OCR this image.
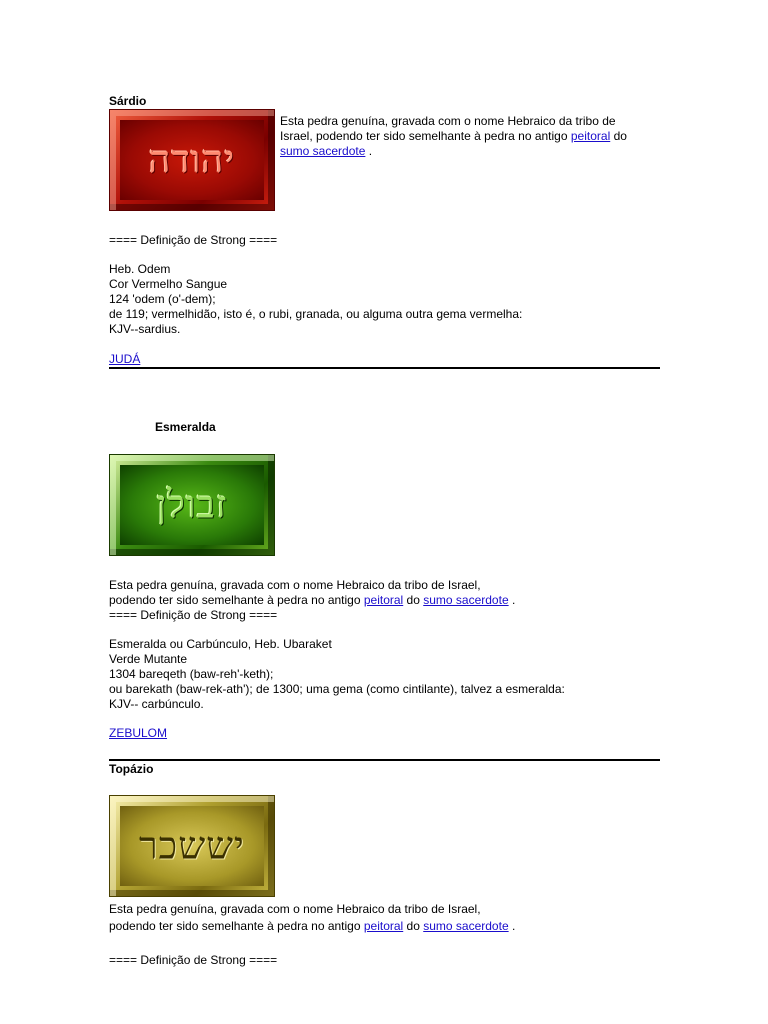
Sárdio
יהודה
Esta pedra genuína, gravada com o nome Hebraico da tribo de
Israel, podendo ter sido semelhante à pedra no antigo peitoral do
sumo sacerdote .
==== Definição de Strong ====
Heb. Odem
Cor Vermelho Sangue
124 'odem (o'-dem);
de 119; vermelhidão, isto é, o rubi, granada, ou alguma outra gema vermelha:
KJV--sardius.
JUDÁ
Esmeralda
זבולן
Esta pedra genuína, gravada com o nome Hebraico da tribo de Israel,
podendo ter sido semelhante à pedra no antigo peitoral do sumo sacerdote .
==== Definição de Strong ====
Esmeralda ou Carbúnculo, Heb. Ubaraket
Verde Mutante
1304 bareqeth (baw-reh'-keth);
ou barekath (baw-rek-ath'); de 1300; uma gema (como cintilante), talvez a esmeralda:
KJV-- carbúnculo.
ZEBULOM
Topázio
יששכר
Esta pedra genuína, gravada com o nome Hebraico da tribo de Israel,
podendo ter sido semelhante à pedra no antigo peitoral do sumo sacerdote .
==== Definição de Strong ====
